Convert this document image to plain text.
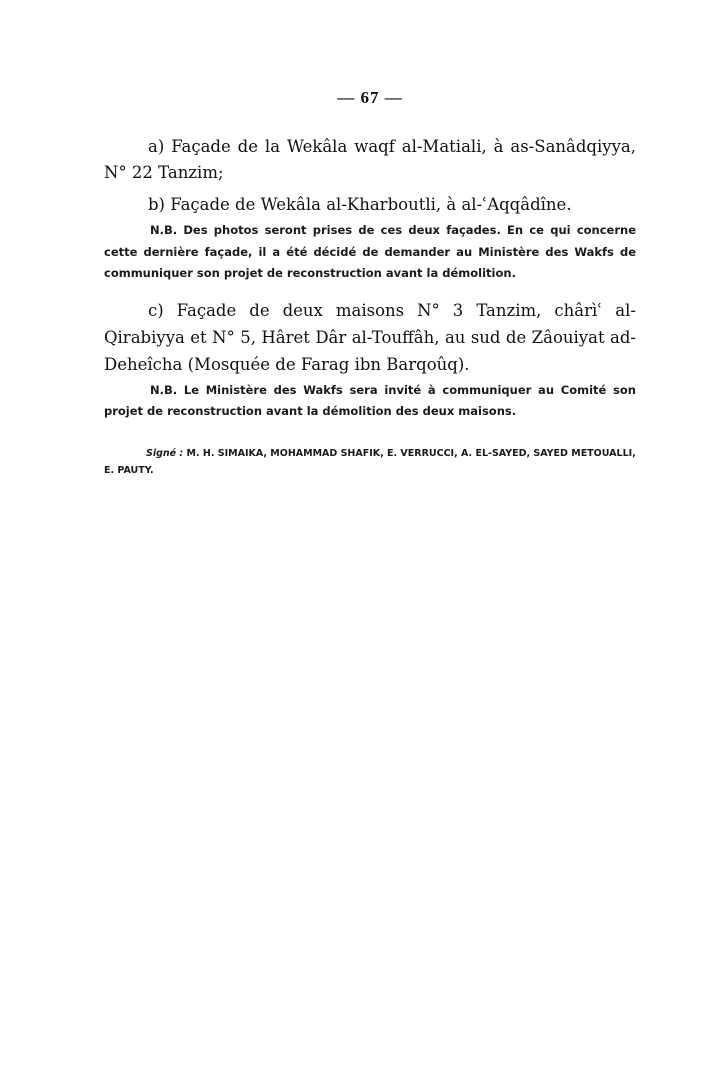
— 67 —

a) Façade de la Wekâla waqf al-Matiali, à as-Sanâdqiyya, N° 22 Tanzim;

b) Façade de Wekâla al-Kharboutli, à al-ʿAqqâdîne.

N.B. Des photos seront prises de ces deux façades. En ce qui concerne cette dernière façade, il a été décidé de demander au Ministère des Wakfs de communiquer son projet de reconstruction avant la démolition.

c) Façade de deux maisons N° 3 Tanzim, chârìʿ al-Qirabiyya et N° 5, Hâret Dâr al-Touffâh, au sud de Zâouiyat ad-Deheîcha (Mosquée de Farag ibn Barqoûq).

N.B. Le Ministère des Wakfs sera invité à communiquer au Comité son projet de reconstruction avant la démolition des deux maisons.

Signé : M. H. SIMAIKA, MOHAMMAD SHAFIK, E. VERRUCCI, A. EL-SAYED, SAYED METOUALLI, E. PAUTY.
